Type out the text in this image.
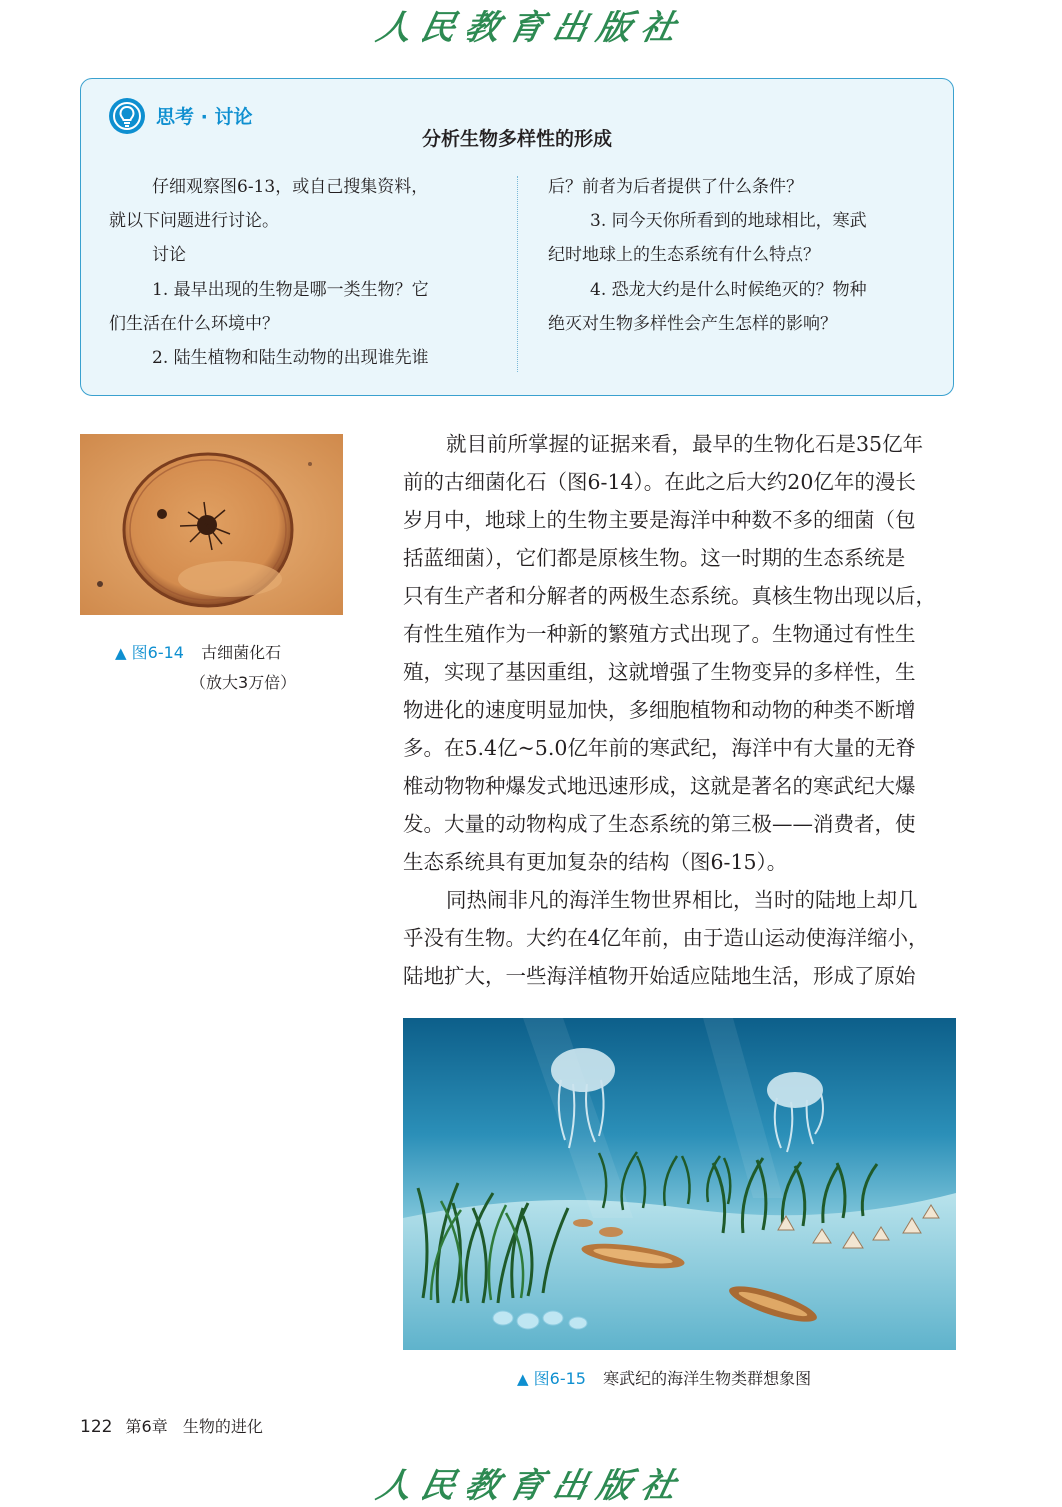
人民教育出版社
思考 · 讨论
分析生物多样性的形成
仔细观察图6-13，或自己搜集资料，
就以下问题进行讨论。
讨论
1. 最早出现的生物是哪一类生物？它
们生活在什么环境中？
2. 陆生植物和陆生动物的出现谁先谁
后？前者为后者提供了什么条件？
3. 同今天你所看到的地球相比，寒武
纪时地球上的生态系统有什么特点？
4. 恐龙大约是什么时候绝灭的？物种
绝灭对生物多样性会产生怎样的影响？
▲ 图6-14 古细菌化石
（放大3万倍）
就目前所掌握的证据来看，最早的生物化石是35亿年
前的古细菌化石（图6-14）。在此之后大约20亿年的漫长
岁月中，地球上的生物主要是海洋中种数不多的细菌（包
括蓝细菌），它们都是原核生物。这一时期的生态系统是
只有生产者和分解者的两极生态系统。真核生物出现以后，
有性生殖作为一种新的繁殖方式出现了。生物通过有性生
殖，实现了基因重组，这就增强了生物变异的多样性，生
物进化的速度明显加快，多细胞植物和动物的种类不断增
多。在5.4亿~5.0亿年前的寒武纪，海洋中有大量的无脊
椎动物物种爆发式地迅速形成，这就是著名的寒武纪大爆
发。大量的动物构成了生态系统的第三极——消费者，使
生态系统具有更加复杂的结构（图6-15）。
同热闹非凡的海洋生物世界相比，当时的陆地上却几
乎没有生物。大约在4亿年前，由于造山运动使海洋缩小，
陆地扩大，一些海洋植物开始适应陆地生活，形成了原始
▲ 图6-15 寒武纪的海洋生物类群想象图
122 第6章 生物的进化
人民教育出版社
